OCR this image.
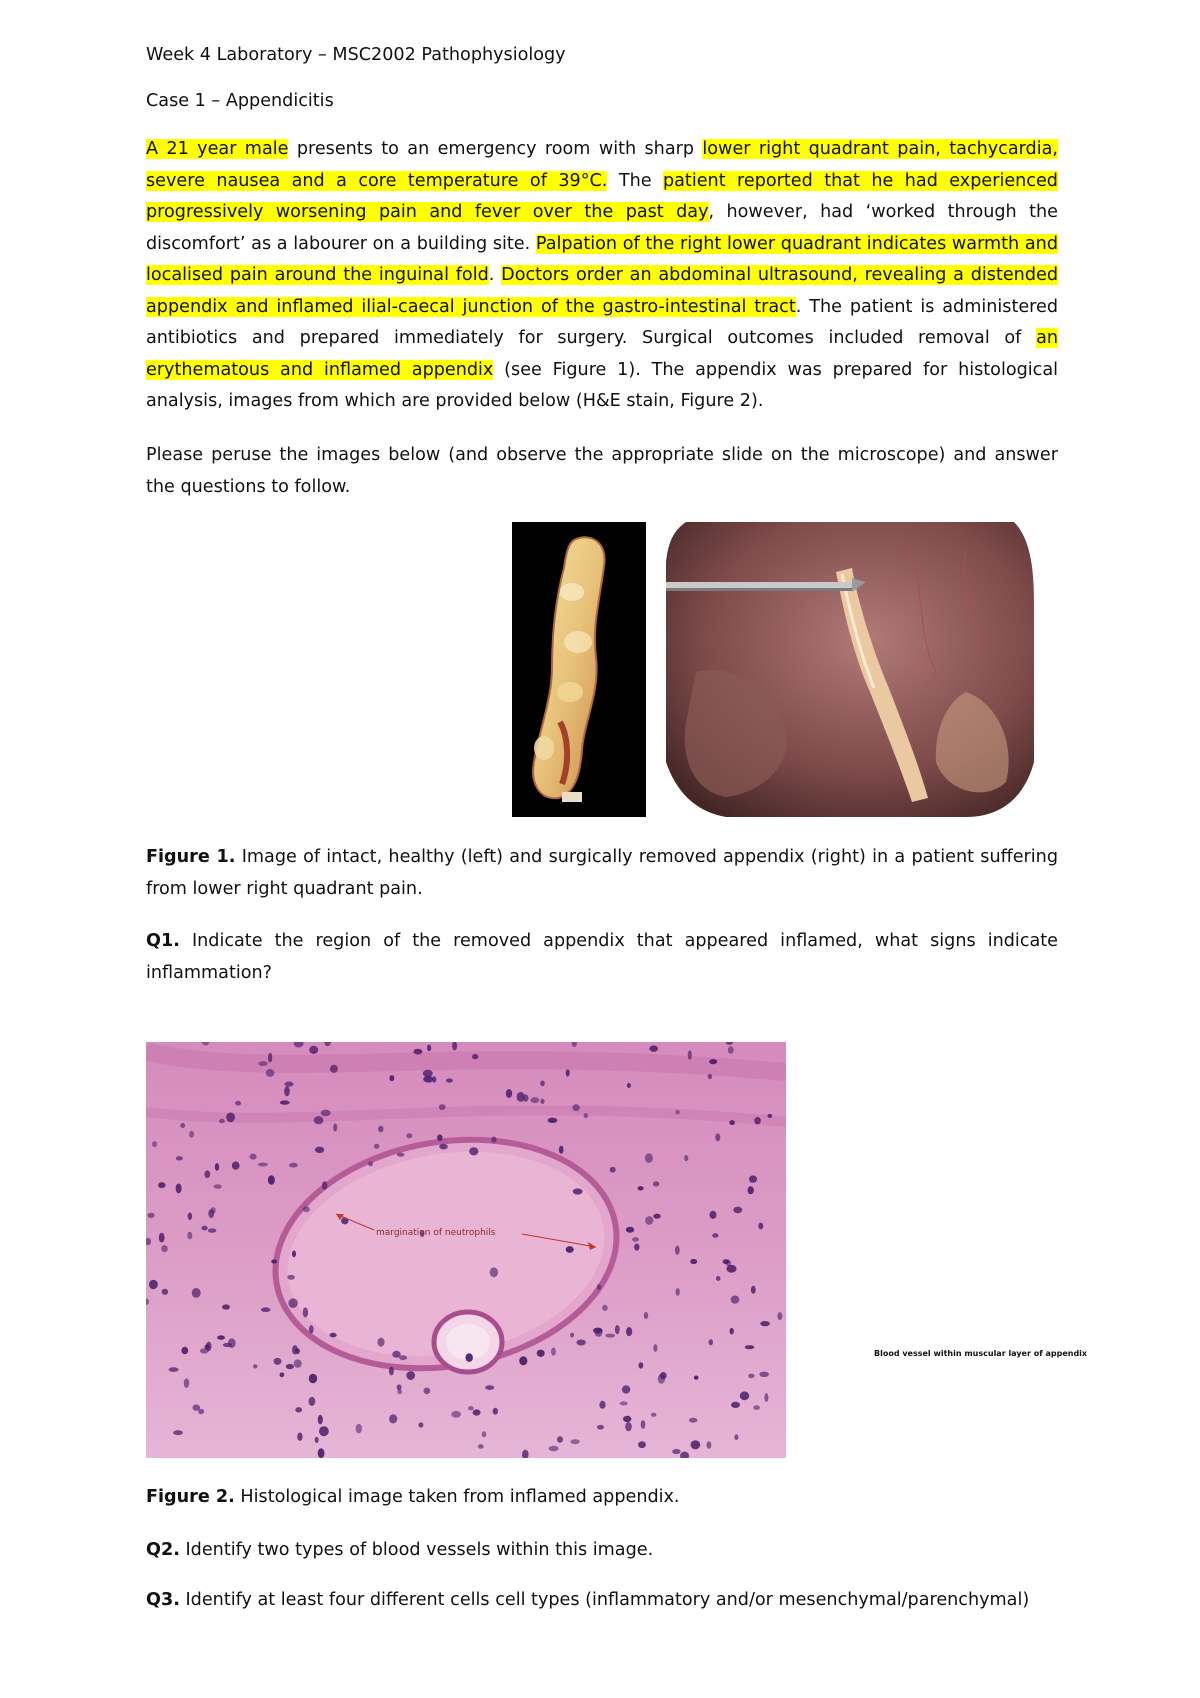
Week 4 Laboratory – MSC2002 Pathophysiology

Case 1 – Appendicitis

A 21 year male presents to an emergency room with sharp lower right quadrant pain, tachycardia, severe nausea and a core temperature of 39°C. The patient reported that he had experienced progressively worsening pain and fever over the past day, however, had ‘worked through the discomfort’ as a labourer on a building site. Palpation of the right lower quadrant indicates warmth and localised pain around the inguinal fold. Doctors order an abdominal ultrasound, revealing a distended appendix and inflamed ilial-caecal junction of the gastro-intestinal tract. The patient is administered antibiotics and prepared immediately for surgery. Surgical outcomes included removal of an erythematous and inflamed appendix (see Figure 1). The appendix was prepared for histological analysis, images from which are provided below (H&E stain, Figure 2).

Please peruse the images below (and observe the appropriate slide on the microscope) and answer the questions to follow.

Figure 1. Image of intact, healthy (left) and surgically removed appendix (right) in a patient suffering from lower right quadrant pain.

Q1. Indicate the region of the removed appendix that appeared inflamed, what signs indicate inflammation?

margination of neutrophils
Blood vessel within muscular layer of appendix

Figure 2. Histological image taken from inflamed appendix.

Q2. Identify two types of blood vessels within this image.

Q3. Identify at least four different cells cell types (inflammatory and/or mesenchymal/parenchymal)
